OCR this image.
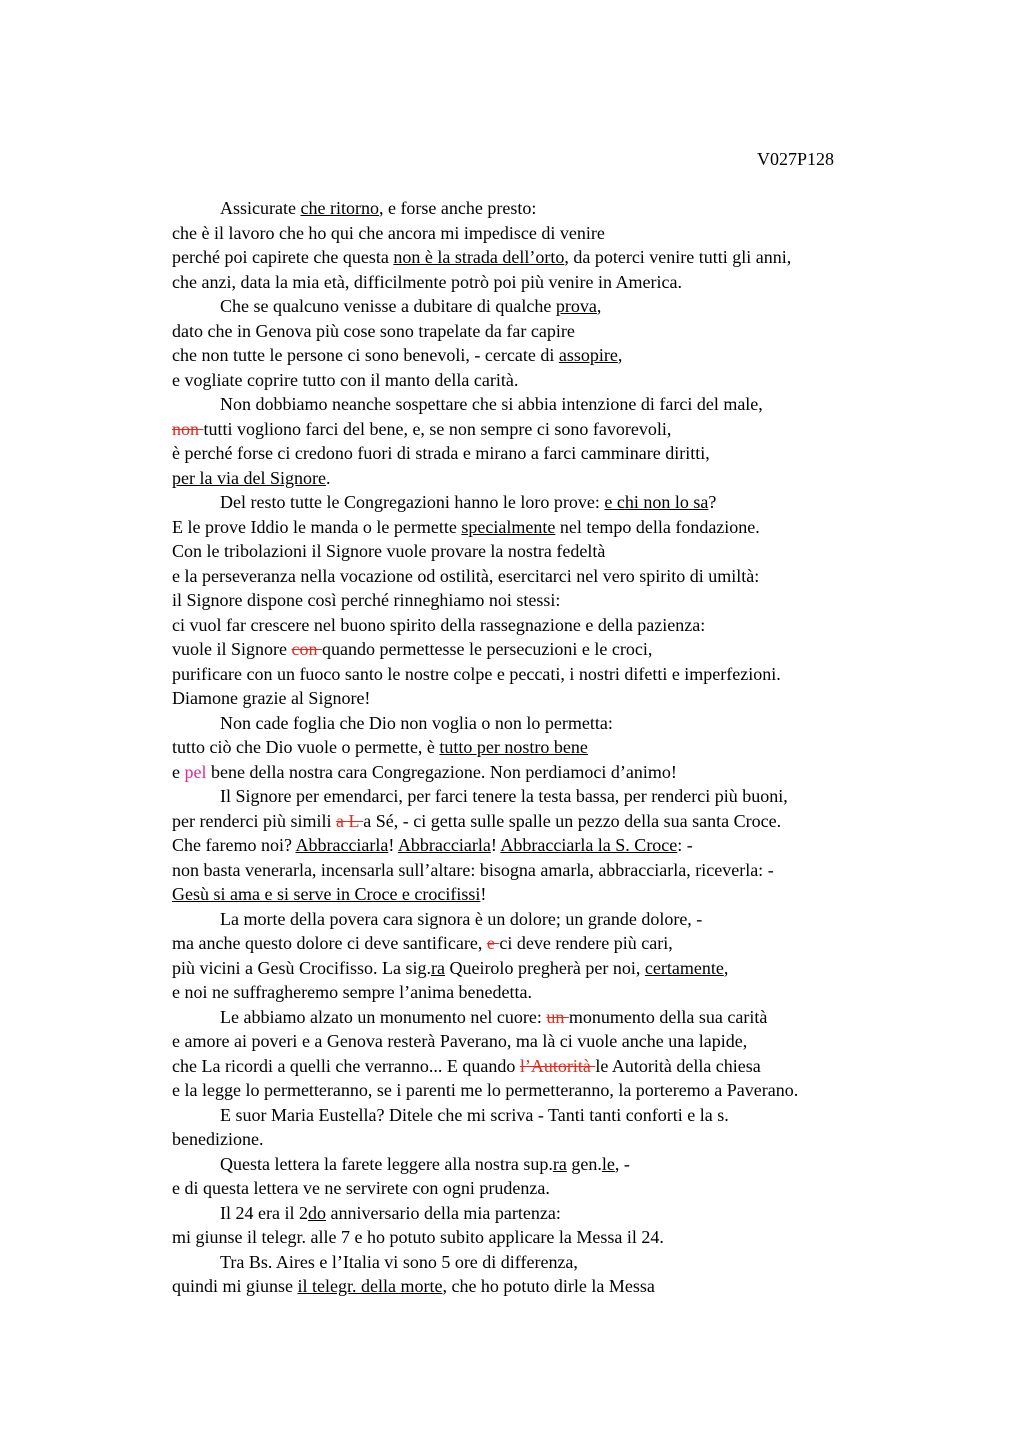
V027P128
Assicurate che ritorno, e forse anche presto:
che è il lavoro che ho qui che ancora mi impedisce di venire
perché poi capirete che questa non è la strada dell’orto, da poterci venire tutti gli anni,
che anzi, data la mia età, difficilmente potrò poi più venire in America.
Che se qualcuno venisse a dubitare di qualche prova,
dato che in Genova più cose sono trapelate da far capire
che non tutte le persone ci sono benevoli, - cercate di assopire,
e vogliate coprire tutto con il manto della carità.
Non dobbiamo neanche sospettare che si abbia intenzione di farci del male,
non tutti vogliono farci del bene, e, se non sempre ci sono favorevoli,
è perché forse ci credono fuori di strada e mirano a farci camminare diritti,
per la via del Signore.
Del resto tutte le Congregazioni hanno le loro prove: e chi non lo sa?
E le prove Iddio le manda o le permette specialmente nel tempo della fondazione.
Con le tribolazioni il Signore vuole provare la nostra fedeltà
e la perseveranza nella vocazione od ostilità, esercitarci nel vero spirito di umiltà:
il Signore dispone così perché rinneghiamo noi stessi:
ci vuol far crescere nel buono spirito della rassegnazione e della pazienza:
vuole il Signore con quando permettesse le persecuzioni e le croci,
purificare con un fuoco santo le nostre colpe e peccati, i nostri difetti e imperfezioni.
Diamone grazie al Signore!
Non cade foglia che Dio non voglia o non lo permetta:
tutto ciò che Dio vuole o permette, è tutto per nostro bene
e pel bene della nostra cara Congregazione. Non perdiamoci d’animo!
Il Signore per emendarci, per farci tenere la testa bassa, per renderci più buoni,
per renderci più simili a L a Sé, - ci getta sulle spalle un pezzo della sua santa Croce.
Che faremo noi? Abbracciarla! Abbracciarla! Abbracciarla la S. Croce: -
non basta venerarla, incensarla sull’altare: bisogna amarla, abbracciarla, riceverla: -
Gesù si ama e si serve in Croce e crocifissi!
La morte della povera cara signora è un dolore; un grande dolore, -
ma anche questo dolore ci deve santificare, e ci deve rendere più cari,
più vicini a Gesù Crocifisso. La sig.ra Queirolo pregherà per noi, certamente,
e noi ne suffragheremo sempre l’anima benedetta.
Le abbiamo alzato un monumento nel cuore: un monumento della sua carità
e amore ai poveri e a Genova resterà Paverano, ma là ci vuole anche una lapide,
che La ricordi a quelli che verranno... E quando l’Autorità le Autorità della chiesa
e la legge lo permetteranno, se i parenti me lo permetteranno, la porteremo a Paverano.
E suor Maria Eustella? Ditele che mi scriva - Tanti tanti conforti e la s.
benedizione.
Questa lettera la farete leggere alla nostra sup.ra gen.le, -
e di questa lettera ve ne servirete con ogni prudenza.
Il 24 era il 2do anniversario della mia partenza:
mi giunse il telegr. alle 7 e ho potuto subito applicare la Messa il 24.
Tra Bs. Aires e l’Italia vi sono 5 ore di differenza,
quindi mi giunse il telegr. della morte, che ho potuto dirle la Messa
